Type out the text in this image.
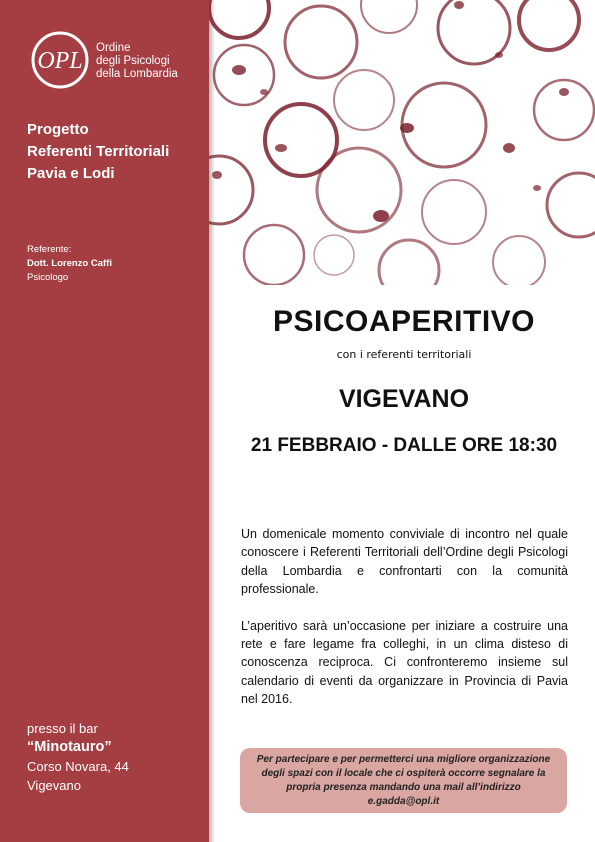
OPL Ordine
degli Psicologi
della Lombardia
Progetto
Referenti Territoriali
Pavia e Lodi
Referente:
Dott. Lorenzo Caffi
Psicologo
presso il bar
“Minotauro”
Corso Novara, 44
Vigevano
PSICOAPERITIVO
con i referenti territoriali
VIGEVANO
21 FEBBRAIO - DALLE ORE 18:30

Un domenicale momento conviviale di incontro nel quale conoscere i Referenti Territoriali dell’Ordine degli Psicologi della Lombardia e confrontarti con la comunità professionale.

L’aperitivo sarà un’occasione per iniziare a costruire una rete e fare legame fra colleghi, in un clima disteso di conoscenza reciproca. Ci confronteremo insieme sul calendario di eventi da organizzare in Provincia di Pavia nel 2016.

Per partecipare e per permetterci una migliore organizzazione degli spazi con il locale che ci ospiterà occorre segnalare la propria presenza mandando una mail all’indirizzo e.gadda@opl.it
